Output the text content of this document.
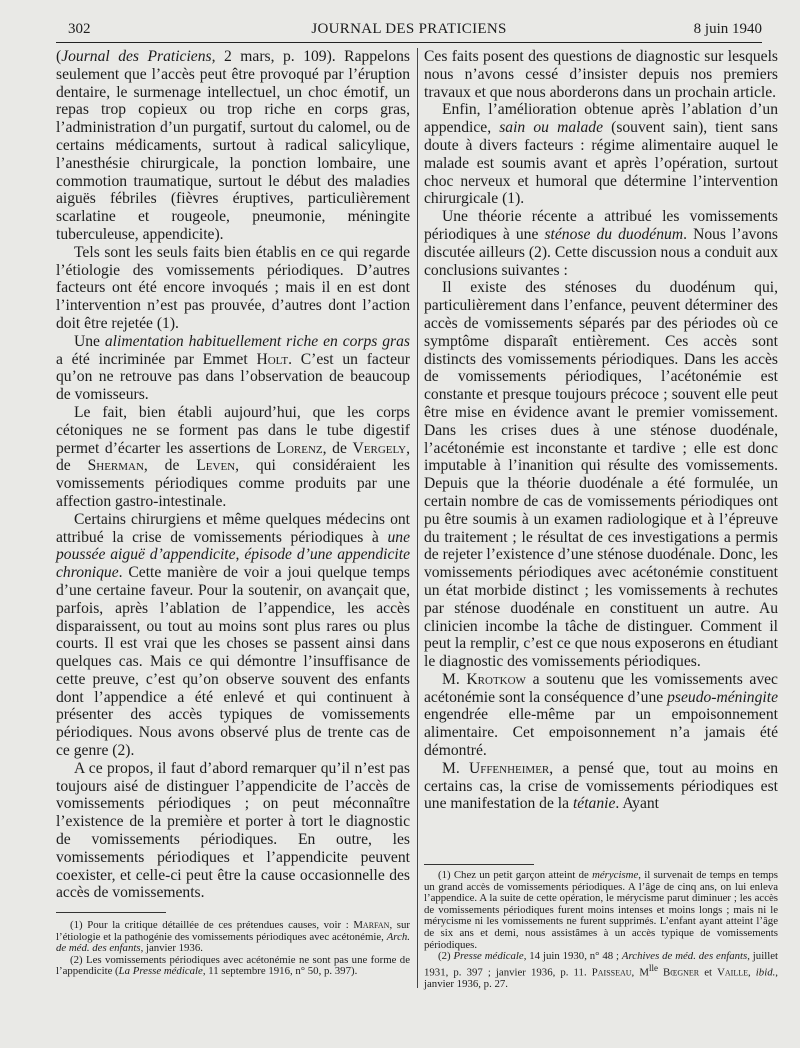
302	JOURNAL DES PRATICIENS	8 juin 1940

(Journal des Praticiens, 2 mars, p. 109). Rappelons seulement que l’accès peut être provoqué par l’éruption dentaire, le surmenage intellectuel, un choc émotif, un repas trop copieux ou trop riche en corps gras, l’administration d’un purgatif, surtout du calomel, ou de certains médicaments, surtout à radical salicylique, l’anesthésie chirurgicale, la ponction lombaire, une commotion traumatique, surtout le début des maladies aiguës fébriles (fièvres éruptives, particulièrement scarlatine et rougeole, pneumonie, méningite tuberculeuse, appendicite).

Tels sont les seuls faits bien établis en ce qui regarde l’étiologie des vomissements périodiques. D’autres facteurs ont été encore invoqués ; mais il en est dont l’intervention n’est pas prouvée, d’autres dont l’action doit être rejetée (1).

Une alimentation habituellement riche en corps gras a été incriminée par Emmet Holt. C’est un facteur qu’on ne retrouve pas dans l’observation de beaucoup de vomisseurs.

Le fait, bien établi aujourd’hui, que les corps cétoniques ne se forment pas dans le tube digestif permet d’écarter les assertions de Lorenz, de Vergely, de Sherman, de Leven, qui considéraient les vomissements périodiques comme produits par une affection gastro-intestinale.

Certains chirurgiens et même quelques médecins ont attribué la crise de vomissements périodiques à une poussée aiguë d’appendicite, épisode d’une appendicite chronique. Cette manière de voir a joui quelque temps d’une certaine faveur. Pour la soutenir, on avançait que, parfois, après l’ablation de l’appendice, les accès disparaissent, ou tout au moins sont plus rares ou plus courts. Il est vrai que les choses se passent ainsi dans quelques cas. Mais ce qui démontre l’insuffisance de cette preuve, c’est qu’on observe souvent des enfants dont l’appendice a été enlevé et qui continuent à présenter des accès typiques de vomissements périodiques. Nous avons observé plus de trente cas de ce genre (2).

A ce propos, il faut d’abord remarquer qu’il n’est pas toujours aisé de distinguer l’appendicite de l’accès de vomissements périodiques ; on peut méconnaître l’existence de la première et porter à tort le diagnostic de vomissements périodiques. En outre, les vomissements périodiques et l’appendicite peuvent coexister, et celle-ci peut être la cause occasionnelle des accès de vomissements.

Ces faits posent des questions de diagnostic sur lesquels nous n’avons cessé d’insister depuis nos premiers travaux et que nous aborderons dans un prochain article.

Enfin, l’amélioration obtenue après l’ablation d’un appendice, sain ou malade (souvent sain), tient sans doute à divers facteurs : régime alimentaire auquel le malade est soumis avant et après l’opération, surtout choc nerveux et humoral que détermine l’intervention chirurgicale (1).

Une théorie récente a attribué les vomissements périodiques à une sténose du duodénum. Nous l’avons discutée ailleurs (2). Cette discussion nous a conduit aux conclusions suivantes :

Il existe des sténoses du duodénum qui, particulièrement dans l’enfance, peuvent déterminer des accès de vomissements séparés par des périodes où ce symptôme disparaît entièrement. Ces accès sont distincts des vomissements périodiques. Dans les accès de vomissements périodiques, l’acétonémie est constante et presque toujours précoce ; souvent elle peut être mise en évidence avant le premier vomissement. Dans les crises dues à une sténose duodénale, l’acétonémie est inconstante et tardive ; elle est donc imputable à l’inanition qui résulte des vomissements. Depuis que la théorie duodénale a été formulée, un certain nombre de cas de vomissements périodiques ont pu être soumis à un examen radiologique et à l’épreuve du traitement ; le résultat de ces investigations a permis de rejeter l’existence d’une sténose duodénale. Donc, les vomissements périodiques avec acétonémie constituent un état morbide distinct ; les vomissements à rechutes par sténose duodénale en constituent un autre. Au clinicien incombe la tâche de distinguer. Comment il peut la remplir, c’est ce que nous exposerons en étudiant le diagnostic des vomissements périodiques.

M. Krotkow a soutenu que les vomissements avec acétonémie sont la conséquence d’une pseudo-méningite engendrée elle-même par un empoisonnement alimentaire. Cet empoisonnement n’a jamais été démontré.

M. Uffenheimer, a pensé que, tout au moins en certains cas, la crise de vomissements périodiques est une manifestation de la tétanie. Ayant

(1) Pour la critique détaillée de ces prétendues causes, voir : Marfan, sur l’étiologie et la pathogénie des vomissements périodiques avec acétonémie, Arch. de méd. des enfants, janvier 1936.

(2) Les vomissements périodiques avec acétonémie ne sont pas une forme de l’appendicite (La Presse médicale, 11 septembre 1916, n° 50, p. 397).

(1) Chez un petit garçon atteint de mérycisme, il survenait de temps en temps un grand accès de vomissements périodiques. A l’âge de cinq ans, on lui enleva l’appendice. A la suite de cette opération, le mérycisme parut diminuer ; les accès de vomissements périodiques furent moins intenses et moins longs ; mais ni le mérycisme ni les vomissements ne furent supprimés. L’enfant ayant atteint l’âge de six ans et demi, nous assistâmes à un accès typique de vomissements périodiques.

(2) Presse médicale, 14 juin 1930, n° 48 ; Archives de méd. des enfants, juillet 1931, p. 397 ; janvier 1936, p. 11. Paisseau, $M^{lle}$ Bœgner et Vaille, ibid., janvier 1936, p. 27.
